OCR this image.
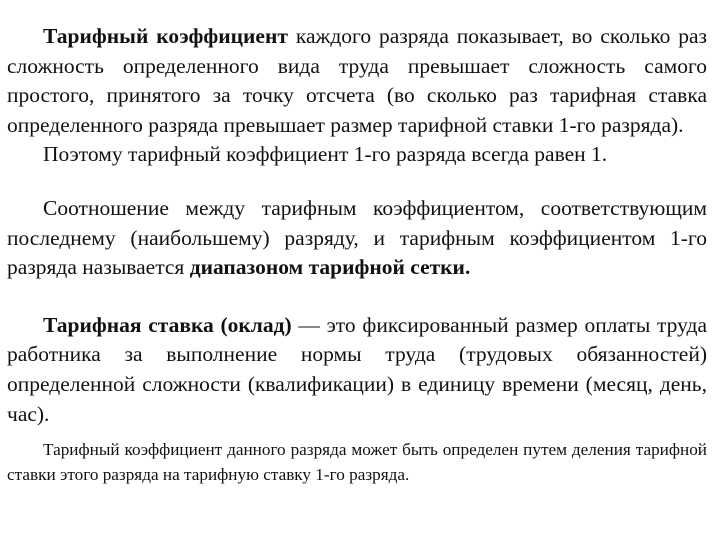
Тарифный коэффициент каждого разряда показывает, во сколько раз сложность определенного вида труда превышает сложность самого простого, принятого за точку отсчета (во сколько раз тарифная ставка определенного разряда превышает размер тарифной ставки 1-го разряда).

Поэтому тарифный коэффициент 1-го разряда всегда равен 1.

Соотношение между тарифным коэффициентом, соответствующим последнему (наибольшему) разряду, и тарифным коэффициентом 1-го разряда называется диапазоном тарифной сетки.

Тарифная ставка (оклад) — это фиксированный размер оплаты труда работника за выполнение нормы труда (трудовых обязанностей) определенной сложности (квалификации) в единицу времени (месяц, день, час).

Тарифный коэффициент данного разряда может быть определен путем деления тарифной ставки этого разряда на тарифную ставку 1-го разряда.
